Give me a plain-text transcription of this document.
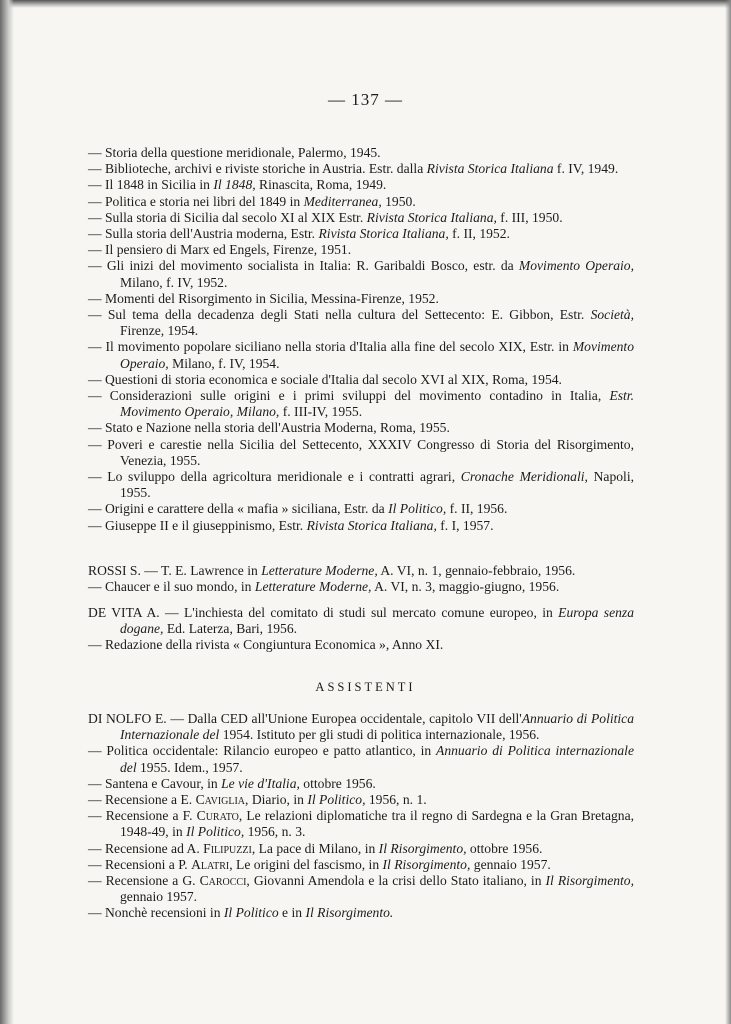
— 137 —

— Storia della questione meridionale, Palermo, 1945.

— Biblioteche, archivi e riviste storiche in Austria. Estr. dalla Rivista Storica Italiana f. IV, 1949.

— Il 1848 in Sicilia in Il 1848, Rinascita, Roma, 1949.

— Politica e storia nei libri del 1849 in Mediterranea, 1950.

— Sulla storia di Sicilia dal secolo XI al XIX Estr. Rivista Storica Italiana, f. III, 1950.

— Sulla storia dell'Austria moderna, Estr. Rivista Storica Italiana, f. II, 1952.

— Il pensiero di Marx ed Engels, Firenze, 1951.

— Gli inizi del movimento socialista in Italia: R. Garibaldi Bosco, estr. da Movimento Operaio, Milano, f. IV, 1952.

— Momenti del Risorgimento in Sicilia, Messina-Firenze, 1952.

— Sul tema della decadenza degli Stati nella cultura del Settecento: E. Gibbon, Estr. Società, Firenze, 1954.

— Il movimento popolare siciliano nella storia d'Italia alla fine del secolo XIX, Estr. in Movimento Operaio, Milano, f. IV, 1954.

— Questioni di storia economica e sociale d'Italia dal secolo XVI al XIX, Roma, 1954.

— Considerazioni sulle origini e i primi sviluppi del movimento contadino in Italia, Estr. Movimento Operaio, Milano, f. III-IV, 1955.

— Stato e Nazione nella storia dell'Austria Moderna, Roma, 1955.

— Poveri e carestie nella Sicilia del Settecento, XXXIV Congresso di Storia del Risorgimento, Venezia, 1955.

— Lo sviluppo della agricoltura meridionale e i contratti agrari, Cronache Meridionali, Napoli, 1955.

— Origini e carattere della « mafia » siciliana, Estr. da Il Politico, f. II, 1956.

— Giuseppe II e il giuseppinismo, Estr. Rivista Storica Italiana, f. I, 1957.

ROSSI S. — T. E. Lawrence in Letterature Moderne, A. VI, n. 1, gennaio-febbraio, 1956.

— Chaucer e il suo mondo, in Letterature Moderne, A. VI, n. 3, maggio-giugno, 1956.

DE VITA A. — L'inchiesta del comitato di studi sul mercato comune europeo, in Europa senza dogane, Ed. Laterza, Bari, 1956.

— Redazione della rivista « Congiuntura Economica », Anno XI.

ASSISTENTI

DI NOLFO E. — Dalla CED all'Unione Europea occidentale, capitolo VII dell'Annuario di Politica Internazionale del 1954. Istituto per gli studi di politica internazionale, 1956.

— Politica occidentale: Rilancio europeo e patto atlantico, in Annuario di Politica internazionale del 1955. Idem., 1957.

— Santena e Cavour, in Le vie d'Italia, ottobre 1956.

— Recensione a E. Caviglia, Diario, in Il Politico, 1956, n. 1.

— Recensione a F. Curato, Le relazioni diplomatiche tra il regno di Sardegna e la Gran Bretagna, 1948-49, in Il Politico, 1956, n. 3.

— Recensione ad A. Filipuzzi, La pace di Milano, in Il Risorgimento, ottobre 1956.

— Recensioni a P. Alatri, Le origini del fascismo, in Il Risorgimento, gennaio 1957.

— Recensione a G. Carocci, Giovanni Amendola e la crisi dello Stato italiano, in Il Risorgimento, gennaio 1957.

— Nonchè recensioni in Il Politico e in Il Risorgimento.
